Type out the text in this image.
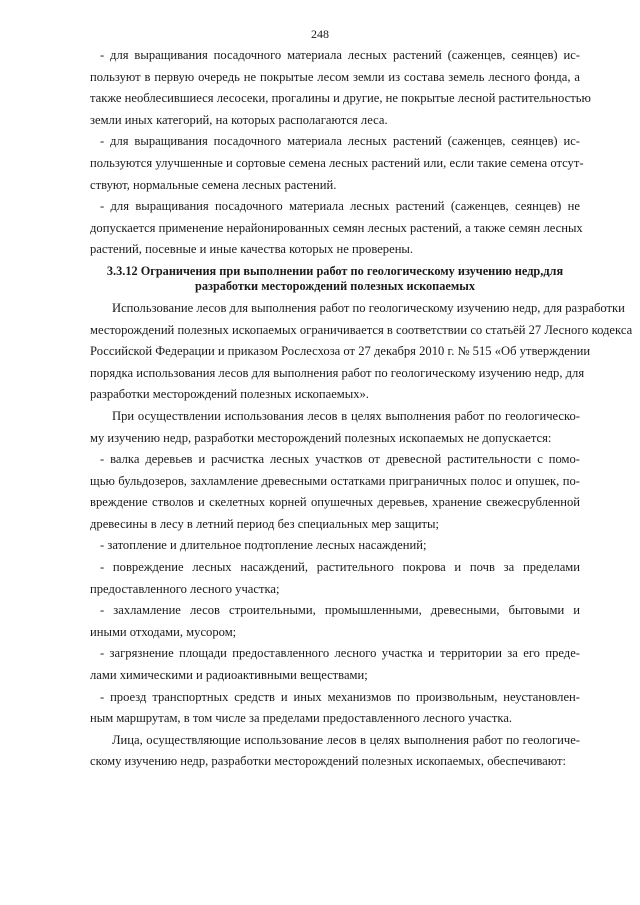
248
- для выращивания посадочного материала лесных растений (саженцев, сеянцев) ис-
пользуют в первую очередь не покрытые лесом земли из состава земель лесного фонда, а
также необлесившиеся лесосеки, прогалины и другие, не покрытые лесной растительностью
земли иных категорий, на которых располагаются леса.
- для выращивания посадочного материала лесных растений (саженцев, сеянцев) ис-
пользуются улучшенные и сортовые семена лесных растений или, если такие семена отсут-
ствуют, нормальные семена лесных растений.
- для выращивания посадочного материала лесных растений (саженцев, сеянцев) не
допускается применение нерайонированных семян лесных растений, а также семян лесных
растений, посевные и иные качества которых не проверены.
3.3.12 Ограничения при выполнении работ по геологическому изучению недр,для
разработки месторождений полезных ископаемых
Использование лесов для выполнения работ по геологическому изучению недр, для разработки
месторождений полезных ископаемых ограничивается в соответствии со статьёй 27 Лесного кодекса
Российской Федерации и приказом Рослесхоза от 27 декабря 2010 г. № 515 «Об утверждении
порядка использования лесов для выполнения работ по геологическому изучению недр, для
разработки месторождений полезных ископаемых».
При осуществлении использования лесов в целях выполнения работ по геологическо-
му изучению недр, разработки месторождений полезных ископаемых не допускается:
- валка деревьев и расчистка лесных участков от древесной растительности с помо-
щью бульдозеров, захламление древесными остатками приграничных полос и опушек, по-
вреждение стволов и скелетных корней опушечных деревьев, хранение свежесрубленной
древесины в лесу в летний период без специальных мер защиты;
- затопление и длительное подтопление лесных насаждений;
- повреждение лесных насаждений, растительного покрова и почв за пределами
предоставленного лесного участка;
- захламление лесов строительными, промышленными, древесными, бытовыми и
иными отходами, мусором;
- загрязнение площади предоставленного лесного участка и территории за его преде-
лами химическими и радиоактивными веществами;
- проезд транспортных средств и иных механизмов по произвольным, неустановлен-
ным маршрутам, в том числе за пределами предоставленного лесного участка.
Лица, осуществляющие использование лесов в целях выполнения работ по геологиче-
скому изучению недр, разработки месторождений полезных ископаемых, обеспечивают:
